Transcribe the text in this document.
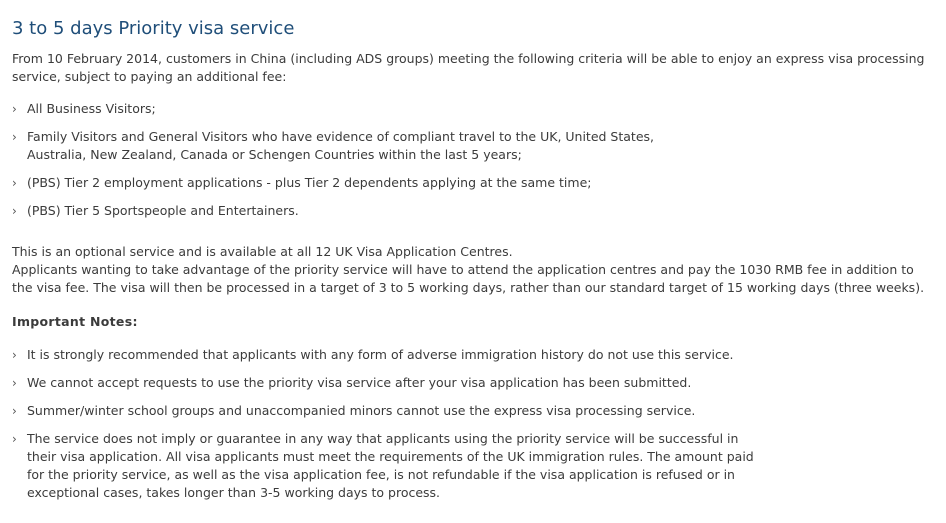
3 to 5 days Priority visa service

From 10 February 2014, customers in China (including ADS groups) meeting the following criteria will be able to enjoy an express visa processing service, subject to paying an additional fee:

› All Business Visitors;
› Family Visitors and General Visitors who have evidence of compliant travel to the UK, United States, Australia, New Zealand, Canada or Schengen Countries within the last 5 years;
› (PBS) Tier 2 employment applications - plus Tier 2 dependents applying at the same time;
› (PBS) Tier 5 Sportspeople and Entertainers.

This is an optional service and is available at all 12 UK Visa Application Centres.

Applicants wanting to take advantage of the priority service will have to attend the application centres and pay the 1030 RMB fee in addition to the visa fee. The visa will then be processed in a target of 3 to 5 working days, rather than our standard target of 15 working days (three weeks).

Important Notes:

› It is strongly recommended that applicants with any form of adverse immigration history do not use this service.
› We cannot accept requests to use the priority visa service after your visa application has been submitted.
› Summer/winter school groups and unaccompanied minors cannot use the express visa processing service.
› The service does not imply or guarantee in any way that applicants using the priority service will be successful in their visa application. All visa applicants must meet the requirements of the UK immigration rules. The amount paid for the priority service, as well as the visa application fee, is not refundable if the visa application is refused or in exceptional cases, takes longer than 3-5 working days to process.
